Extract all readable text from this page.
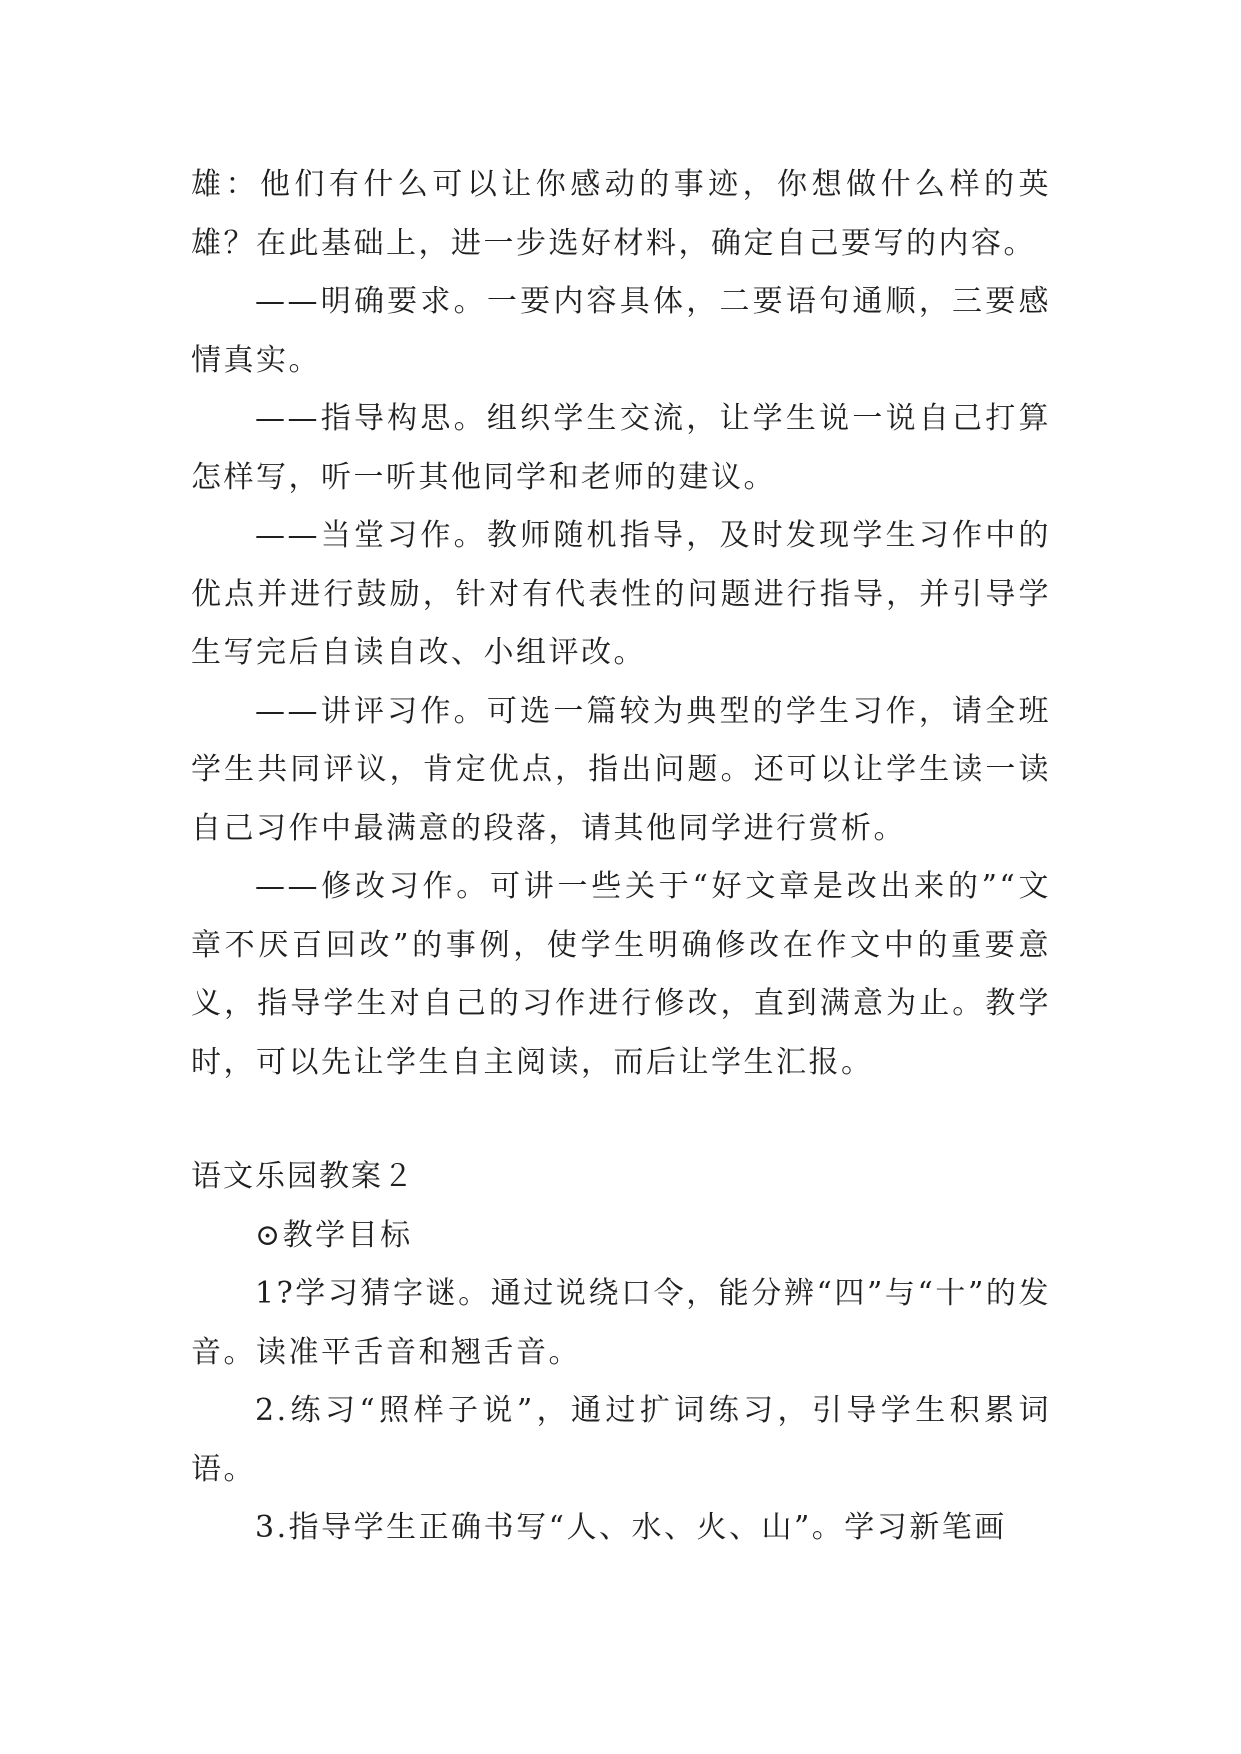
雄：他们有什么可以让你感动的事迹，你想做什么样的英雄？在此基础上，进一步选好材料，确定自己要写的内容。

——明确要求。一要内容具体，二要语句通顺，三要感情真实。

——指导构思。组织学生交流，让学生说一说自己打算怎样写，听一听其他同学和老师的建议。

——当堂习作。教师随机指导，及时发现学生习作中的优点并进行鼓励，针对有代表性的问题进行指导，并引导学生写完后自读自改、小组评改。

——讲评习作。可选一篇较为典型的学生习作，请全班学生共同评议，肯定优点，指出问题。还可以让学生读一读自己习作中最满意的段落，请其他同学进行赏析。

——修改习作。可讲一些关于“好文章是改出来的”“文章不厌百回改”的事例，使学生明确修改在作文中的重要意义，指导学生对自己的习作进行修改，直到满意为止。教学时，可以先让学生自主阅读，而后让学生汇报。

语文乐园教案２

⊙教学目标

1?学习猜字谜。通过说绕口令，能分辨“四”与“十”的发音。读准平舌音和翘舌音。

2.练习“照样子说”，通过扩词练习，引导学生积累词语。

3.指导学生正确书写“人、水、火、山”。学习新笔画
